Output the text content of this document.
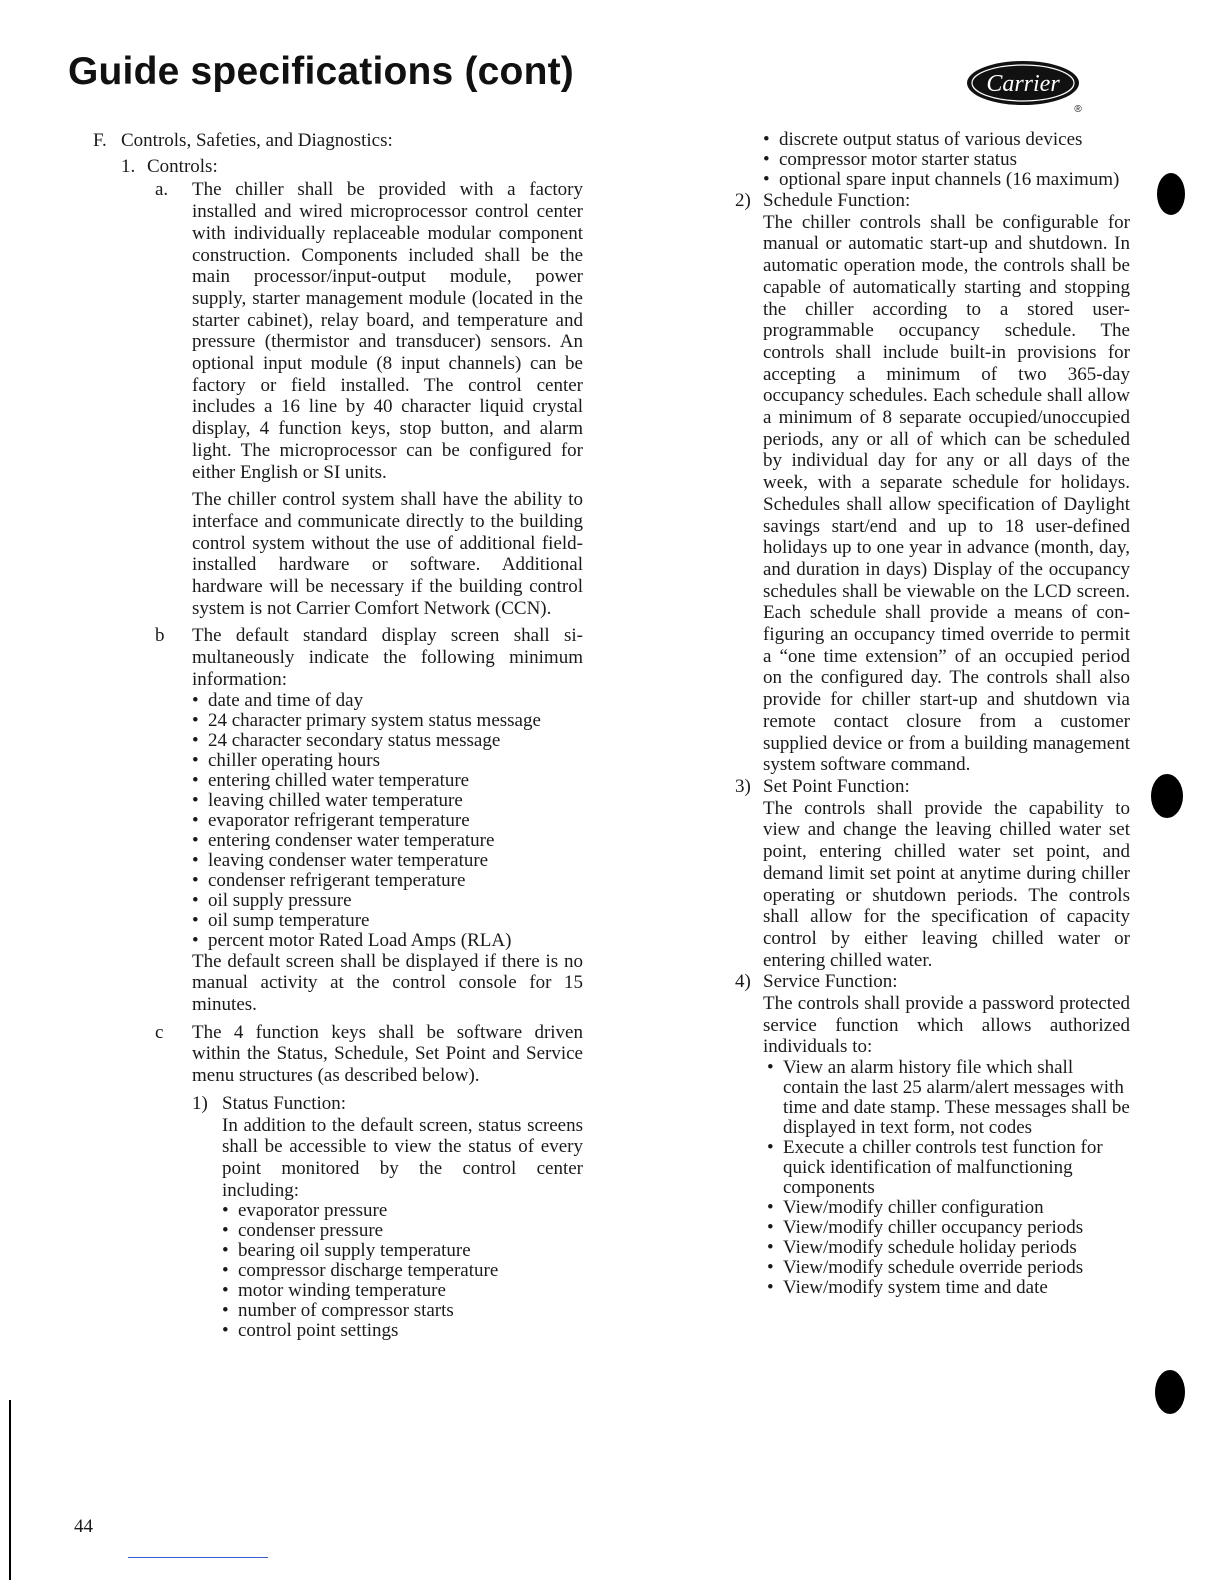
Guide specifications (cont)	Carrier
®
F. Controls, Safeties, and Diagnostics:
1. Controls:
a. The chiller shall be provided with a factory installed and wired microprocessor control center with individually replaceable modular component construction. Components included shall be the main processor/input-output module, power supply, starter management module (located in the starter cabinet), relay board, and temperature and pressure (thermistor and transducer) sensors. An optional input module (8 input channels) can be factory or field installed. The control center includes a 16 line by 40 character liquid crystal display, 4 function keys, stop button, and alarm light. The microprocessor can be configured for either English or SI units.

The chiller control system shall have the ability to interface and communicate directly to the building control system without the use of additional field-installed hardware or software. Additional hardware will be necessary if the building control system is not Carrier Comfort Network (CCN).

b The default standard display screen shall simultaneously indicate the following minimum information:

• date and time of day
• 24 character primary system status message
• 24 character secondary status message
• chiller operating hours
• entering chilled water temperature
• leaving chilled water temperature
• evaporator refrigerant temperature
• entering condenser water temperature
• leaving condenser water temperature
• condenser refrigerant temperature
• oil supply pressure
• oil sump temperature
• percent motor Rated Load Amps (RLA)

The default screen shall be displayed if there is no manual activity at the control console for 15 minutes.

c The 4 function keys shall be software driven within the Status, Schedule, Set Point and Service menu structures (as described below).

1) Status Function:

In addition to the default screen, status screens shall be accessible to view the status of every point monitored by the control center including:

• evaporator pressure
• condenser pressure
• bearing oil supply temperature
• compressor discharge temperature
• motor winding temperature
• number of compressor starts
• control point settings
• discrete output status of various devices
• compressor motor starter status
• optional spare input channels (16 maximum)
2) Schedule Function:

The chiller controls shall be configurable for manual or automatic start-up and shutdown. In automatic operation mode, the controls shall be capable of automatically starting and stopping the chiller according to a stored user-programmable occupancy schedule. The controls shall include built-in provisions for accepting a minimum of two 365-day occupancy schedules. Each schedule shall allow a minimum of 8 separate occupied/unoccupied periods, any or all of which can be scheduled by individual day for any or all days of the week, with a separate schedule for holidays. Schedules shall allow specification of Daylight savings start/end and up to 18 user-defined holidays up to one year in advance (month, day, and duration in days) Display of the occupancy schedules shall be viewable on the LCD screen. Each schedule shall provide a means of configuring an occupancy timed override to permit a “one time extension” of an occupied period on the configured day. The controls shall also provide for chiller start-up and shutdown via remote contact closure from a customer supplied device or from a building management system software command.

3) Set Point Function:

The controls shall provide the capability to view and change the leaving chilled water set point, entering chilled water set point, and demand limit set point at anytime during chiller operating or shutdown periods. The controls shall allow for the specification of capacity control by either leaving chilled water or entering chilled water.

4) Service Function:

The controls shall provide a password protected service function which allows authorized individuals to:

• View an alarm history file which shall contain the last 25 alarm/alert messages with time and date stamp. These messages shall be displayed in text form, not codes
• Execute a chiller controls test function for quick identification of malfunctioning components
• View/modify chiller configuration
• View/modify chiller occupancy periods
• View/modify schedule holiday periods
• View/modify schedule override periods
• View/modify system time and date

44
